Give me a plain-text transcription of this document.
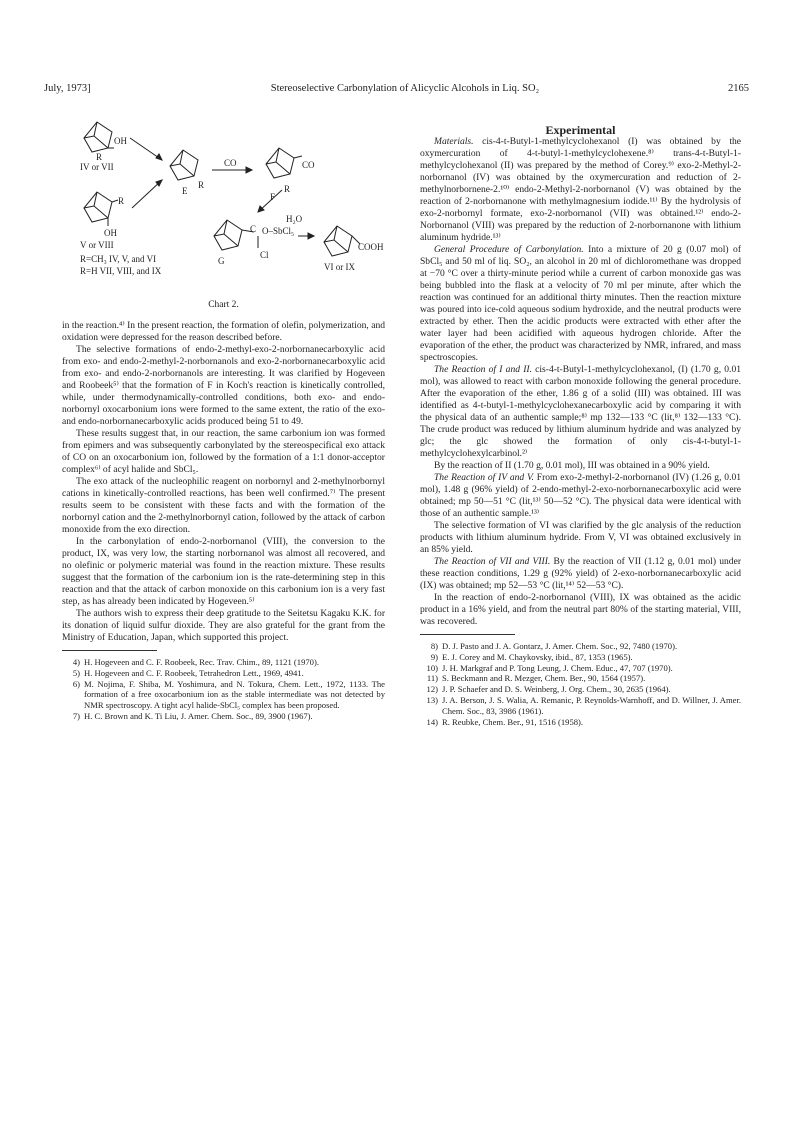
July, 1973]	Stereoselective Carbonylation of Alicyclic Alcohols in Liq. SO₂	2165
OH
R
IV or VII
E
R
CO	CO
R
F
R
OH
V or VIII
R=CH₃ IV, V, and VI
R=H VII, VIII, and IX
H₂O
C O–SbCl₅
Cl
G
COOH
VI or IX
Chart 2.

in the reaction.⁴⁾ In the present reaction, the formation of olefin, polymerization, and oxidation were depressed for the reason described before.

The selective formations of endo-2-methyl-exo-2-norbornanecarboxylic acid from exo- and endo-2-methyl-2-norbornanols and exo-2-norbornanecarboxylic acid from exo- and endo-2-norbornanols are interesting. It was clarified by Hogeveen and Roobeek⁵⁾ that the formation of F in Koch's reaction is kinetically controlled, while, under thermodynamically-controlled conditions, both exo- and endo-norbornyl oxocarbonium ions were formed to the same extent, the ratio of the exo- and endo-norbornanecarboxylic acids produced being 51 to 49.

These results suggest that, in our reaction, the same carbonium ion was formed from epimers and was subsequently carbonylated by the stereospecifical exo attack of CO on an oxocarbonium ion, followed by the formation of a 1:1 donor-acceptor complex⁶⁾ of acyl halide and SbCl₅.

The exo attack of the nucleophilic reagent on norbornyl and 2-methylnorbornyl cations in kinetically-controlled reactions, has been well confirmed.⁷⁾ The present results seem to be consistent with these facts and with the formation of the norbornyl cation and the 2-methylnorbornyl cation, followed by the attack of carbon monoxide from the exo direction.

In the carbonylation of endo-2-norbornanol (VIII), the conversion to the product, IX, was very low, the starting norbornanol was almost all recovered, and no olefinic or polymeric material was found in the reaction mixture. These results suggest that the formation of the carbonium ion is the rate-determining step in this reaction and that the attack of carbon monoxide on this carbonium ion is a very fast step, as has already been indicated by Hogeveen.⁵⁾

The authors wish to express their deep gratitude to the Seitetsu Kagaku K.K. for its donation of liquid sulfur dioxide. They are also grateful for the grant from the Ministry of Education, Japan, which supported this project.

4) H. Hogeveen and C. F. Roobeek, Rec. Trav. Chim., 89, 1121 (1970).
5) H. Hogeveen and C. F. Roobeek, Tetrahedron Lett., 1969, 4941.
6) M. Nojima, F. Shiba, M. Yoshimura, and N. Tokura, Chem. Lett., 1972, 1133. The formation of a free oxocarbonium ion as the stable intermediate was not detected by NMR spectroscopy. A tight acyl halide-SbCl₅ complex has been proposed.
7) H. C. Brown and K. Ti Liu, J. Amer. Chem. Soc., 89, 3900 (1967).

Experimental

Materials. cis-4-t-Butyl-1-methylcyclohexanol (I) was obtained by the oxymercuration of 4-t-butyl-1-methylcyclohexene.⁸⁾ trans-4-t-Butyl-1-methylcyclohexanol (II) was prepared by the method of Corey.⁹⁾ exo-2-Methyl-2-norbornanol (IV) was obtained by the oxymercuration and reduction of 2-methylnorbornene-2.¹⁰⁾ endo-2-Methyl-2-norbornanol (V) was obtained by the reaction of 2-norbornanone with methylmagnesium iodide.¹¹⁾ By the hydrolysis of exo-2-norbornyl formate, exo-2-norbornanol (VII) was obtained.¹²⁾ endo-2-Norbornanol (VIII) was prepared by the reduction of 2-norbornanone with lithium aluminum hydride.¹³⁾

General Procedure of Carbonylation. Into a mixture of 20 g (0.07 mol) of SbCl₅ and 50 ml of liq. SO₂, an alcohol in 20 ml of dichloromethane was dropped at −70 °C over a thirty-minute period while a current of carbon monoxide gas was being bubbled into the flask at a velocity of 70 ml per minute, after which the reaction was continued for an additional thirty minutes. Then the reaction mixture was poured into ice-cold aqueous sodium hydroxide, and the neutral products were extracted by ether. Then the acidic products were extracted with ether after the water layer had been acidified with aqueous hydrogen chloride. After the evaporation of the ether, the product was characterized by NMR, infrared, and mass spectroscopies.

The Reaction of I and II. cis-4-t-Butyl-1-methylcyclohexanol, (I) (1.70 g, 0.01 mol), was allowed to react with carbon monoxide following the general procedure. After the evaporation of the ether, 1.86 g of a solid (III) was obtained. III was identified as 4-t-butyl-1-methylcyclohexanecarboxylic acid by comparing it with the physical data of an authentic sample;⁸⁾ mp 132—133 °C (lit,⁸⁾ 132—133 °C). The crude product was reduced by lithium aluminum hydride and was analyzed by glc; the glc showed the formation of only cis-4-t-butyl-1-methylcyclohexylcarbinol.²⁾

By the reaction of II (1.70 g, 0.01 mol), III was obtained in a 90% yield.

The Reaction of IV and V. From exo-2-methyl-2-norbornanol (IV) (1.26 g, 0.01 mol), 1.48 g (96% yield) of 2-endo-methyl-2-exo-norbornanecarboxylic acid were obtained; mp 50—51 °C (lit,¹³⁾ 50—52 °C). The physical data were identical with those of an authentic sample.¹³⁾

The selective formation of VI was clarified by the glc analysis of the reduction products with lithium aluminum hydride. From V, VI was obtained exclusively in an 85% yield.

The Reaction of VII and VIII. By the reaction of VII (1.12 g, 0.01 mol) under these reaction conditions, 1.29 g (92% yield) of 2-exo-norbornanecarboxylic acid (IX) was obtained; mp 52—53 °C (lit,¹⁴⁾ 52—53 °C).

In the reaction of endo-2-norbornanol (VIII), IX was obtained as the acidic product in a 16% yield, and from the neutral part 80% of the starting material, VIII, was recovered.

8) D. J. Pasto and J. A. Gontarz, J. Amer. Chem. Soc., 92, 7480 (1970).
9) E. J. Corey and M. Chaykovsky, ibid., 87, 1353 (1965).
10) J. H. Markgraf and P. Tong Leung, J. Chem. Educ., 47, 707 (1970).
11) S. Beckmann and R. Mezger, Chem. Ber., 90, 1564 (1957).
12) J. P. Schaefer and D. S. Weinberg, J. Org. Chem., 30, 2635 (1964).
13) J. A. Berson, J. S. Walia, A. Remanic, P. Reynolds-Warnhoff, and D. Willner, J. Amer. Chem. Soc., 83, 3986 (1961).
14) R. Reubke, Chem. Ber., 91, 1516 (1958).
